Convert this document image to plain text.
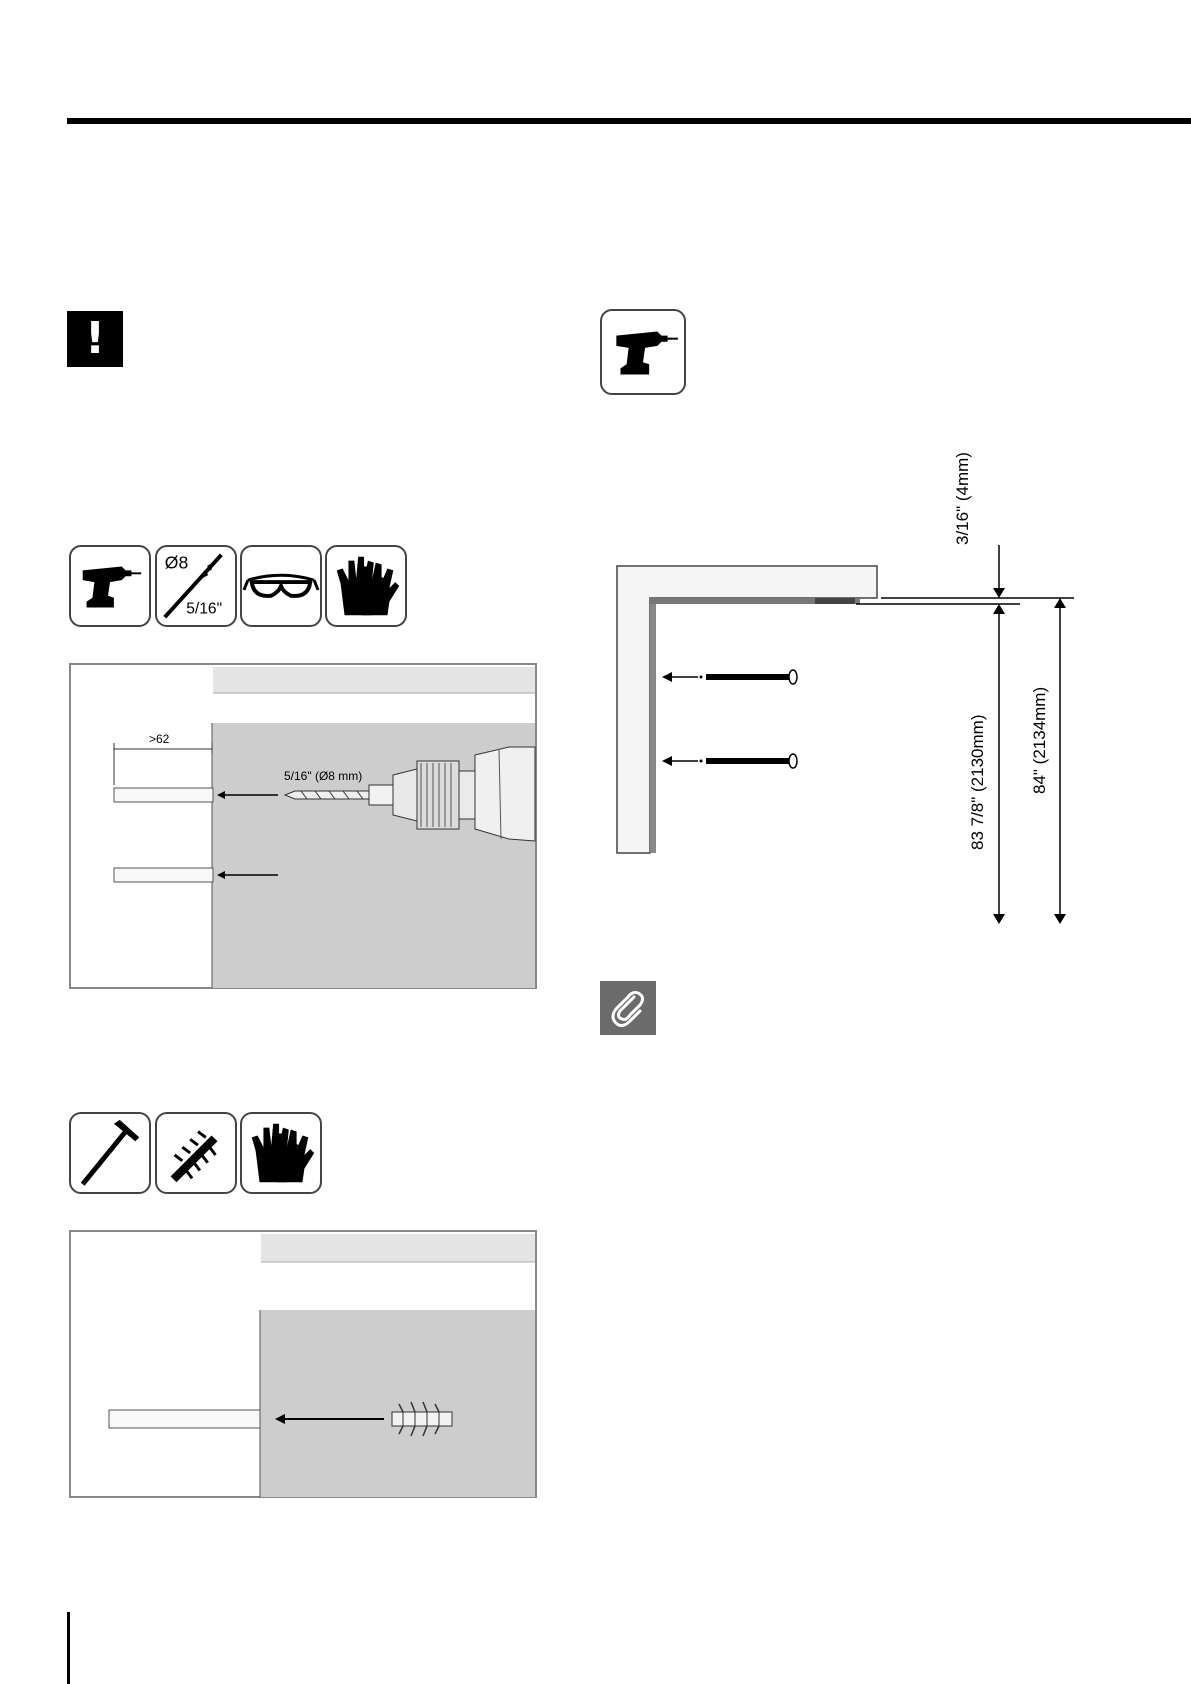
!
Ø8
5/16"
>62
5/16" (Ø8 mm)
3/16" (4mm)
83 7/8" (2130mm)	84" (2134mm)
